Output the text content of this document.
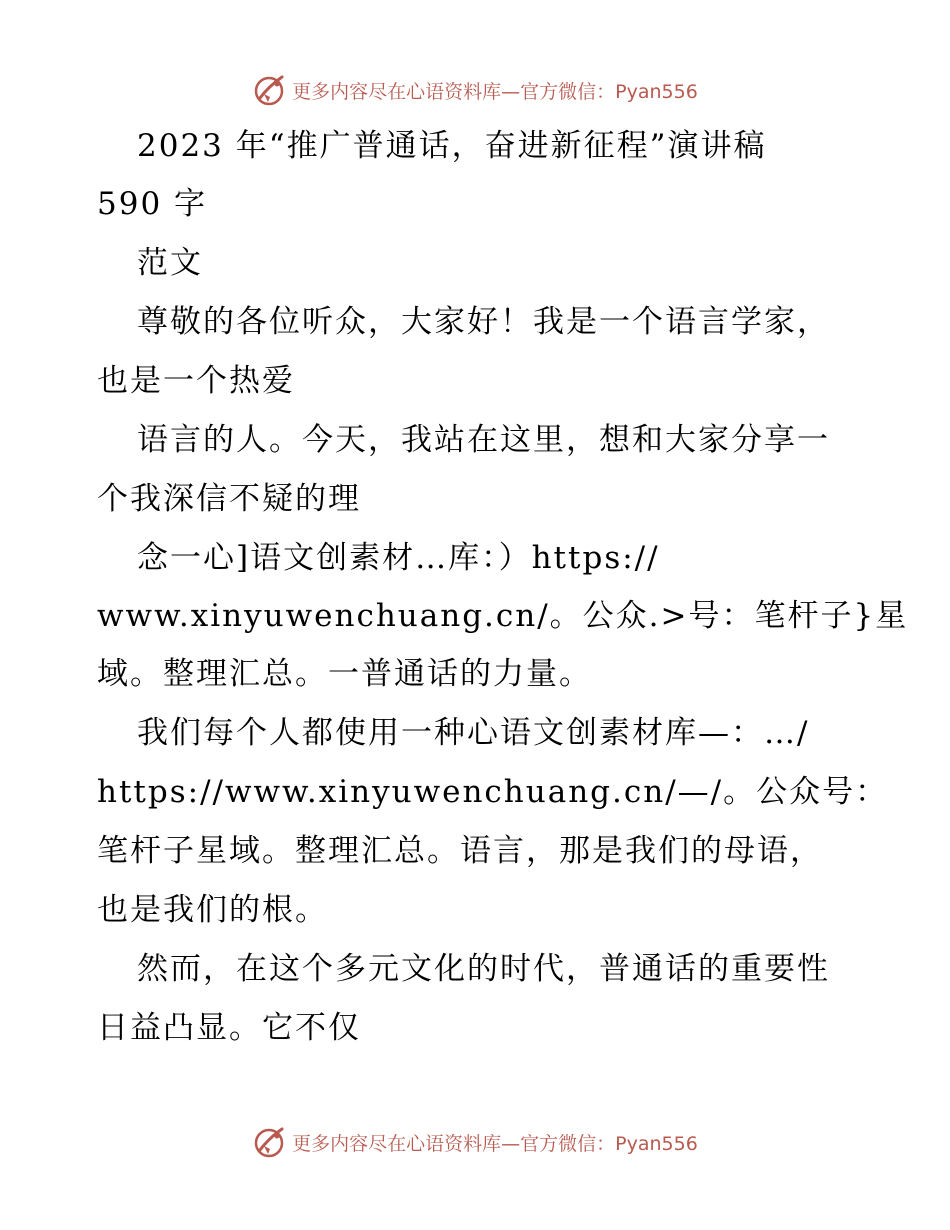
更多内容尽在心语资料库—官方微信：Pyan556
2023 年“推广普通话，奋进新征程”演讲稿
590 字
范文
尊敬的各位听众，大家好！我是一个语言学家，
也是一个热爱
语言的人。今天，我站在这里，想和大家分享一
个我深信不疑的理
念一心]语文创素材…库：）https://
www.xinyuwenchuang.cn/。公众.>号：笔杆子}星
域。整理汇总。一普通话的力量。
我们每个人都使用一种心语文创素材库—：…/
https://www.xinyuwenchuang.cn/—/。公众号：
笔杆子星域。整理汇总。语言，那是我们的母语，
也是我们的根。
然而，在这个多元文化的时代，普通话的重要性
日益凸显。它不仅
更多内容尽在心语资料库—官方微信：Pyan556
